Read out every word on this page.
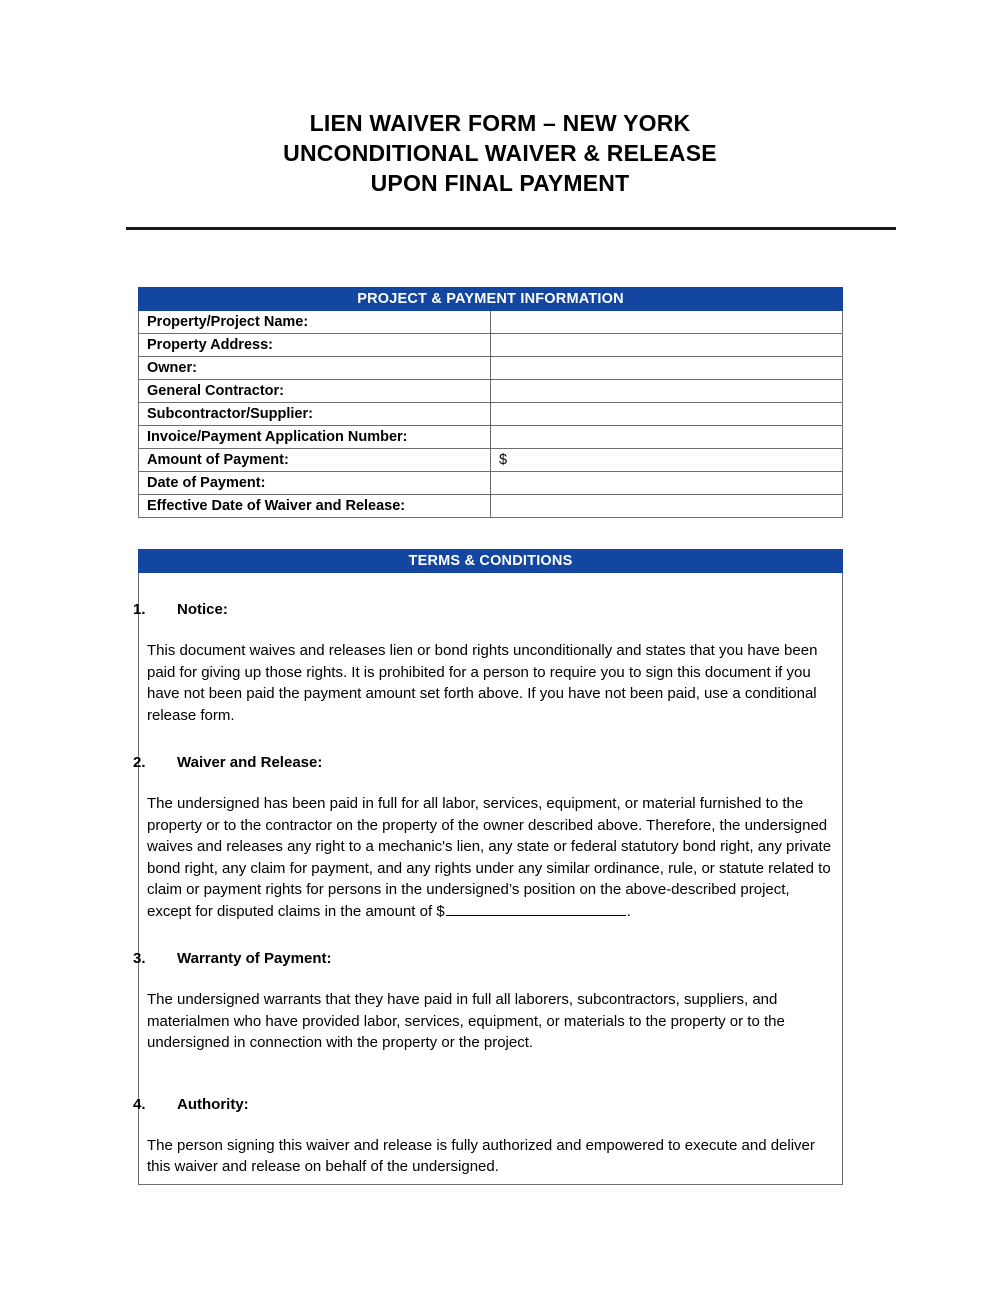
LIEN WAIVER FORM – NEW YORK
UNCONDITIONAL WAIVER & RELEASE
UPON FINAL PAYMENT
PROJECT & PAYMENT INFORMATION	
Property/Project Name:	
Property Address:	
Owner:	
General Contractor:	
Subcontractor/Supplier:	
Invoice/Payment Application Number:	
Amount of Payment:	$
Date of Payment:	
Effective Date of Waiver and Release:	
TERMS & CONDITIONS

1. Notice:

This document waives and releases lien or bond rights unconditionally and states that you have been paid for giving up those rights. It is prohibited for a person to require you to sign this document if you have not been paid the payment amount set forth above. If you have not been paid, use a conditional release form.

2. Waiver and Release:

The undersigned has been paid in full for all labor, services, equipment, or material furnished to the property or to the contractor on the property of the owner described above. Therefore, the undersigned waives and releases any right to a mechanic's lien, any state or federal statutory bond right, any private bond right, any claim for payment, and any rights under any similar ordinance, rule, or statute related to claim or payment rights for persons in the undersigned’s position on the above-described project, except for disputed claims in the amount of $	.

3. Warranty of Payment:

The undersigned warrants that they have paid in full all laborers, subcontractors, suppliers, and materialmen who have provided labor, services, equipment, or materials to the property or to the undersigned in connection with the property or the project.

4. Authority:

The person signing this waiver and release is fully authorized and empowered to execute and deliver this waiver and release on behalf of the undersigned.
